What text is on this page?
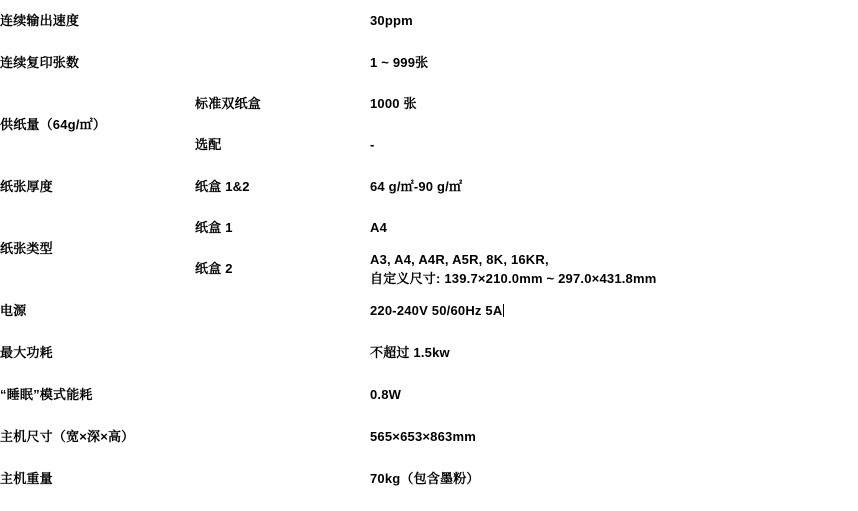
连续输出速度		30ppm
连续复印张数		1 ~ 999张
供纸量（64g/㎡）	标准双纸盒	1000 张
	选配	-
纸张厚度	纸盒 1&2	64 g/㎡-90 g/㎡
纸张类型	纸盒 1	A4
	纸盒 2	A3, A4, A4R, A5R, 8K, 16KR,
自定义尺寸: 139.7×210.0mm ~ 297.0×431.8mm

电源		220-240V 50/60Hz 5A
最大功耗		不超过 1.5kw
“睡眠”模式能耗		0.8W
主机尺寸（宽×深×高）		565×653×863mm
主机重量		70kg（包含墨粉）
